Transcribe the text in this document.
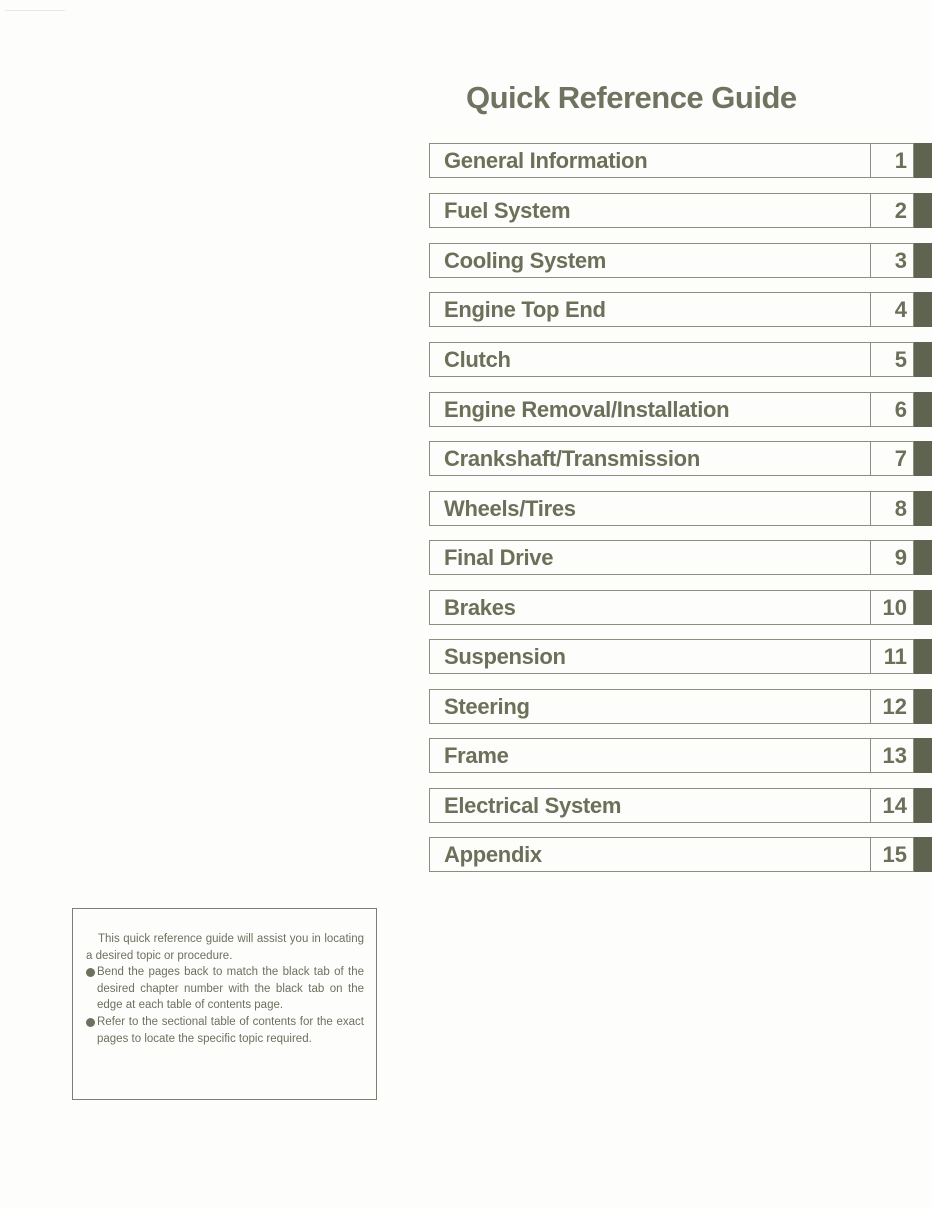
Quick Reference Guide
General Information	1
Fuel System	2
Cooling System	3
Engine Top End	4
Clutch	5
Engine Removal/Installation	6
Crankshaft/Transmission	7
Wheels/Tires	8
Final Drive	9
Brakes	10
Suspension	11
Steering	12
Frame	13
Electrical System	14
Appendix	15

This quick reference guide will assist you in locating a desired topic or procedure.

Bend the pages back to match the black tab of the desired chapter number with the black tab on the edge at each table of contents page.

Refer to the sectional table of contents for the exact pages to locate the specific topic required.
